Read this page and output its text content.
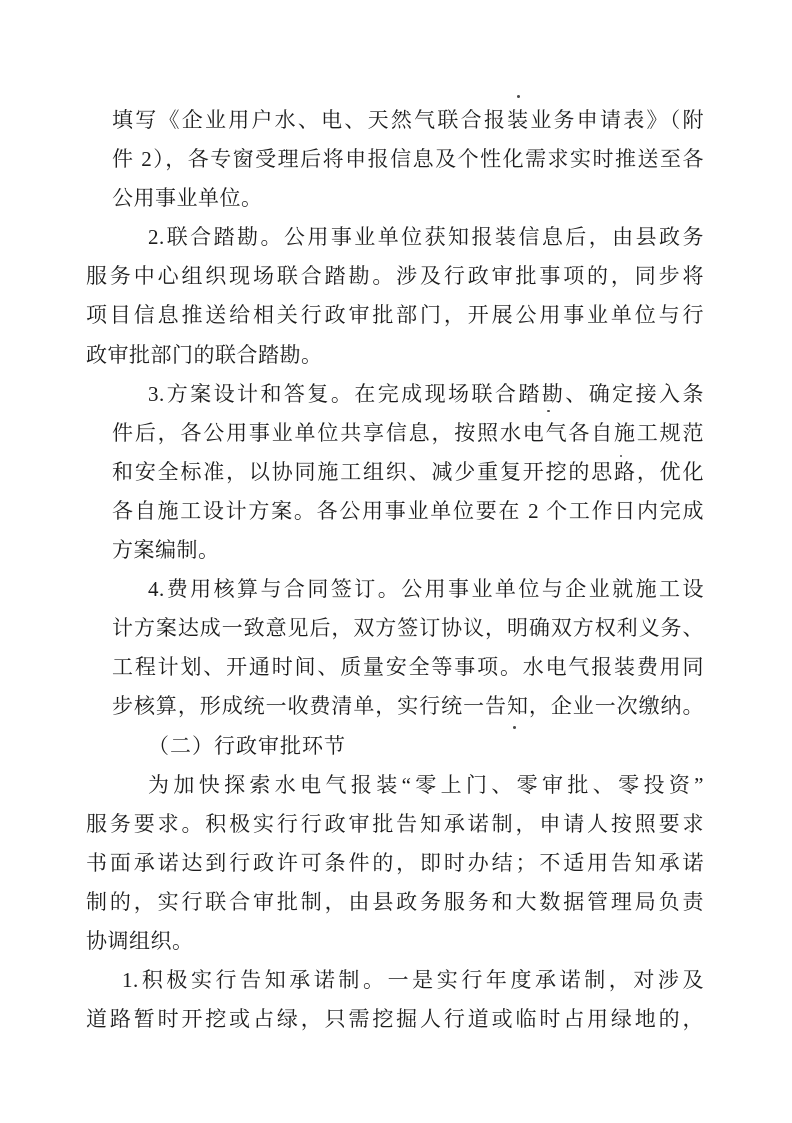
填写《企业用户水、电、天然气联合报装业务申请表》（附
件 2），各专窗受理后将申报信息及个性化需求实时推送至各
公用事业单位。
2.联合踏勘。公用事业单位获知报装信息后，由县政务
服务中心组织现场联合踏勘。涉及行政审批事项的，同步将
项目信息推送给相关行政审批部门，开展公用事业单位与行
政审批部门的联合踏勘。
3.方案设计和答复。在完成现场联合踏勘、确定接入条
件后，各公用事业单位共享信息，按照水电气各自施工规范
和安全标准，以协同施工组织、减少重复开挖的思路，优化
各自施工设计方案。各公用事业单位要在 2 个工作日内完成
方案编制。
4.费用核算与合同签订。公用事业单位与企业就施工设
计方案达成一致意见后，双方签订协议，明确双方权利义务、
工程计划、开通时间、质量安全等事项。水电气报装费用同
步核算，形成统一收费清单，实行统一告知，企业一次缴纳。
（二）行政审批环节
为加快探索水电气报装“零上门、零审批、零投资”
服务要求。积极实行行政审批告知承诺制，申请人按照要求
书面承诺达到行政许可条件的，即时办结；不适用告知承诺
制的，实行联合审批制，由县政务服务和大数据管理局负责
协调组织。
1.积极实行告知承诺制。一是实行年度承诺制，对涉及
道路暂时开挖或占绿，只需挖掘人行道或临时占用绿地的，
